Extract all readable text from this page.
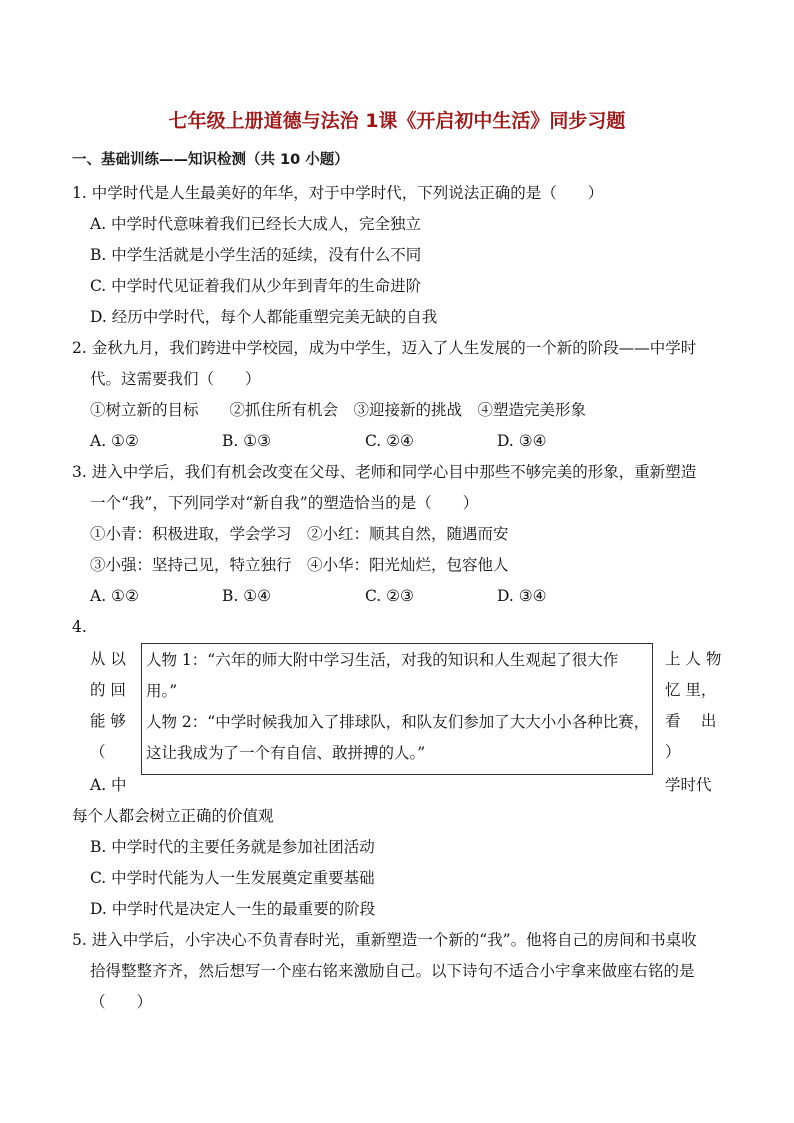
七年级上册道德与法治 1课《开启初中生活》同步习题
一、基础训练——知识检测（共 10 小题）
1. 中学时代是人生最美好的年华，对于中学时代，下列说法正确的是（　　）
A. 中学时代意味着我们已经长大成人，完全独立
B. 中学生活就是小学生活的延续，没有什么不同
C. 中学时代见证着我们从少年到青年的生命进阶
D. 经历中学时代，每个人都能重塑完美无缺的自我
2. 金秋九月，我们跨进中学校园，成为中学生，迈入了人生发展的一个新的阶段——中学时
代。这需要我们（　　）
①树立新的目标　　②抓住所有机会　③迎接新的挑战　④塑造完美形象
A. ①②	B. ①③	C. ②④	D. ③④
3. 进入中学后，我们有机会改变在父母、老师和同学心目中那些不够完美的形象，重新塑造
一个“我”，下列同学对“新自我”的塑造恰当的是（　　）
①小青：积极进取，学会学习　②小红：顺其自然，随遇而安
③小强：坚持己见，特立独行　④小华：阳光灿烂，包容他人
A. ①②	B. ①④	C. ②③	D. ③④
4.
从 以
的 回
能 够
（
人物 1：“六年的师大附中学习生活，对我的知识和人生观起了很大作
用。”
人物 2：“中学时候我加入了排球队，和队友们参加了大大小小各种比赛，
这让我成为了一个有自信、敢拼搏的人。”
上 人 物
忆 里，
看　 出
）
A. 中	学时代
每个人都会树立正确的价值观
B. 中学时代的主要任务就是参加社团活动
C. 中学时代能为人一生发展奠定重要基础
D. 中学时代是决定人一生的最重要的阶段
5. 进入中学后，小宇决心不负青春时光，重新塑造一个新的“我”。他将自己的房间和书桌收
拾得整整齐齐，然后想写一个座右铭来激励自己。以下诗句不适合小宇拿来做座右铭的是
（　　）
